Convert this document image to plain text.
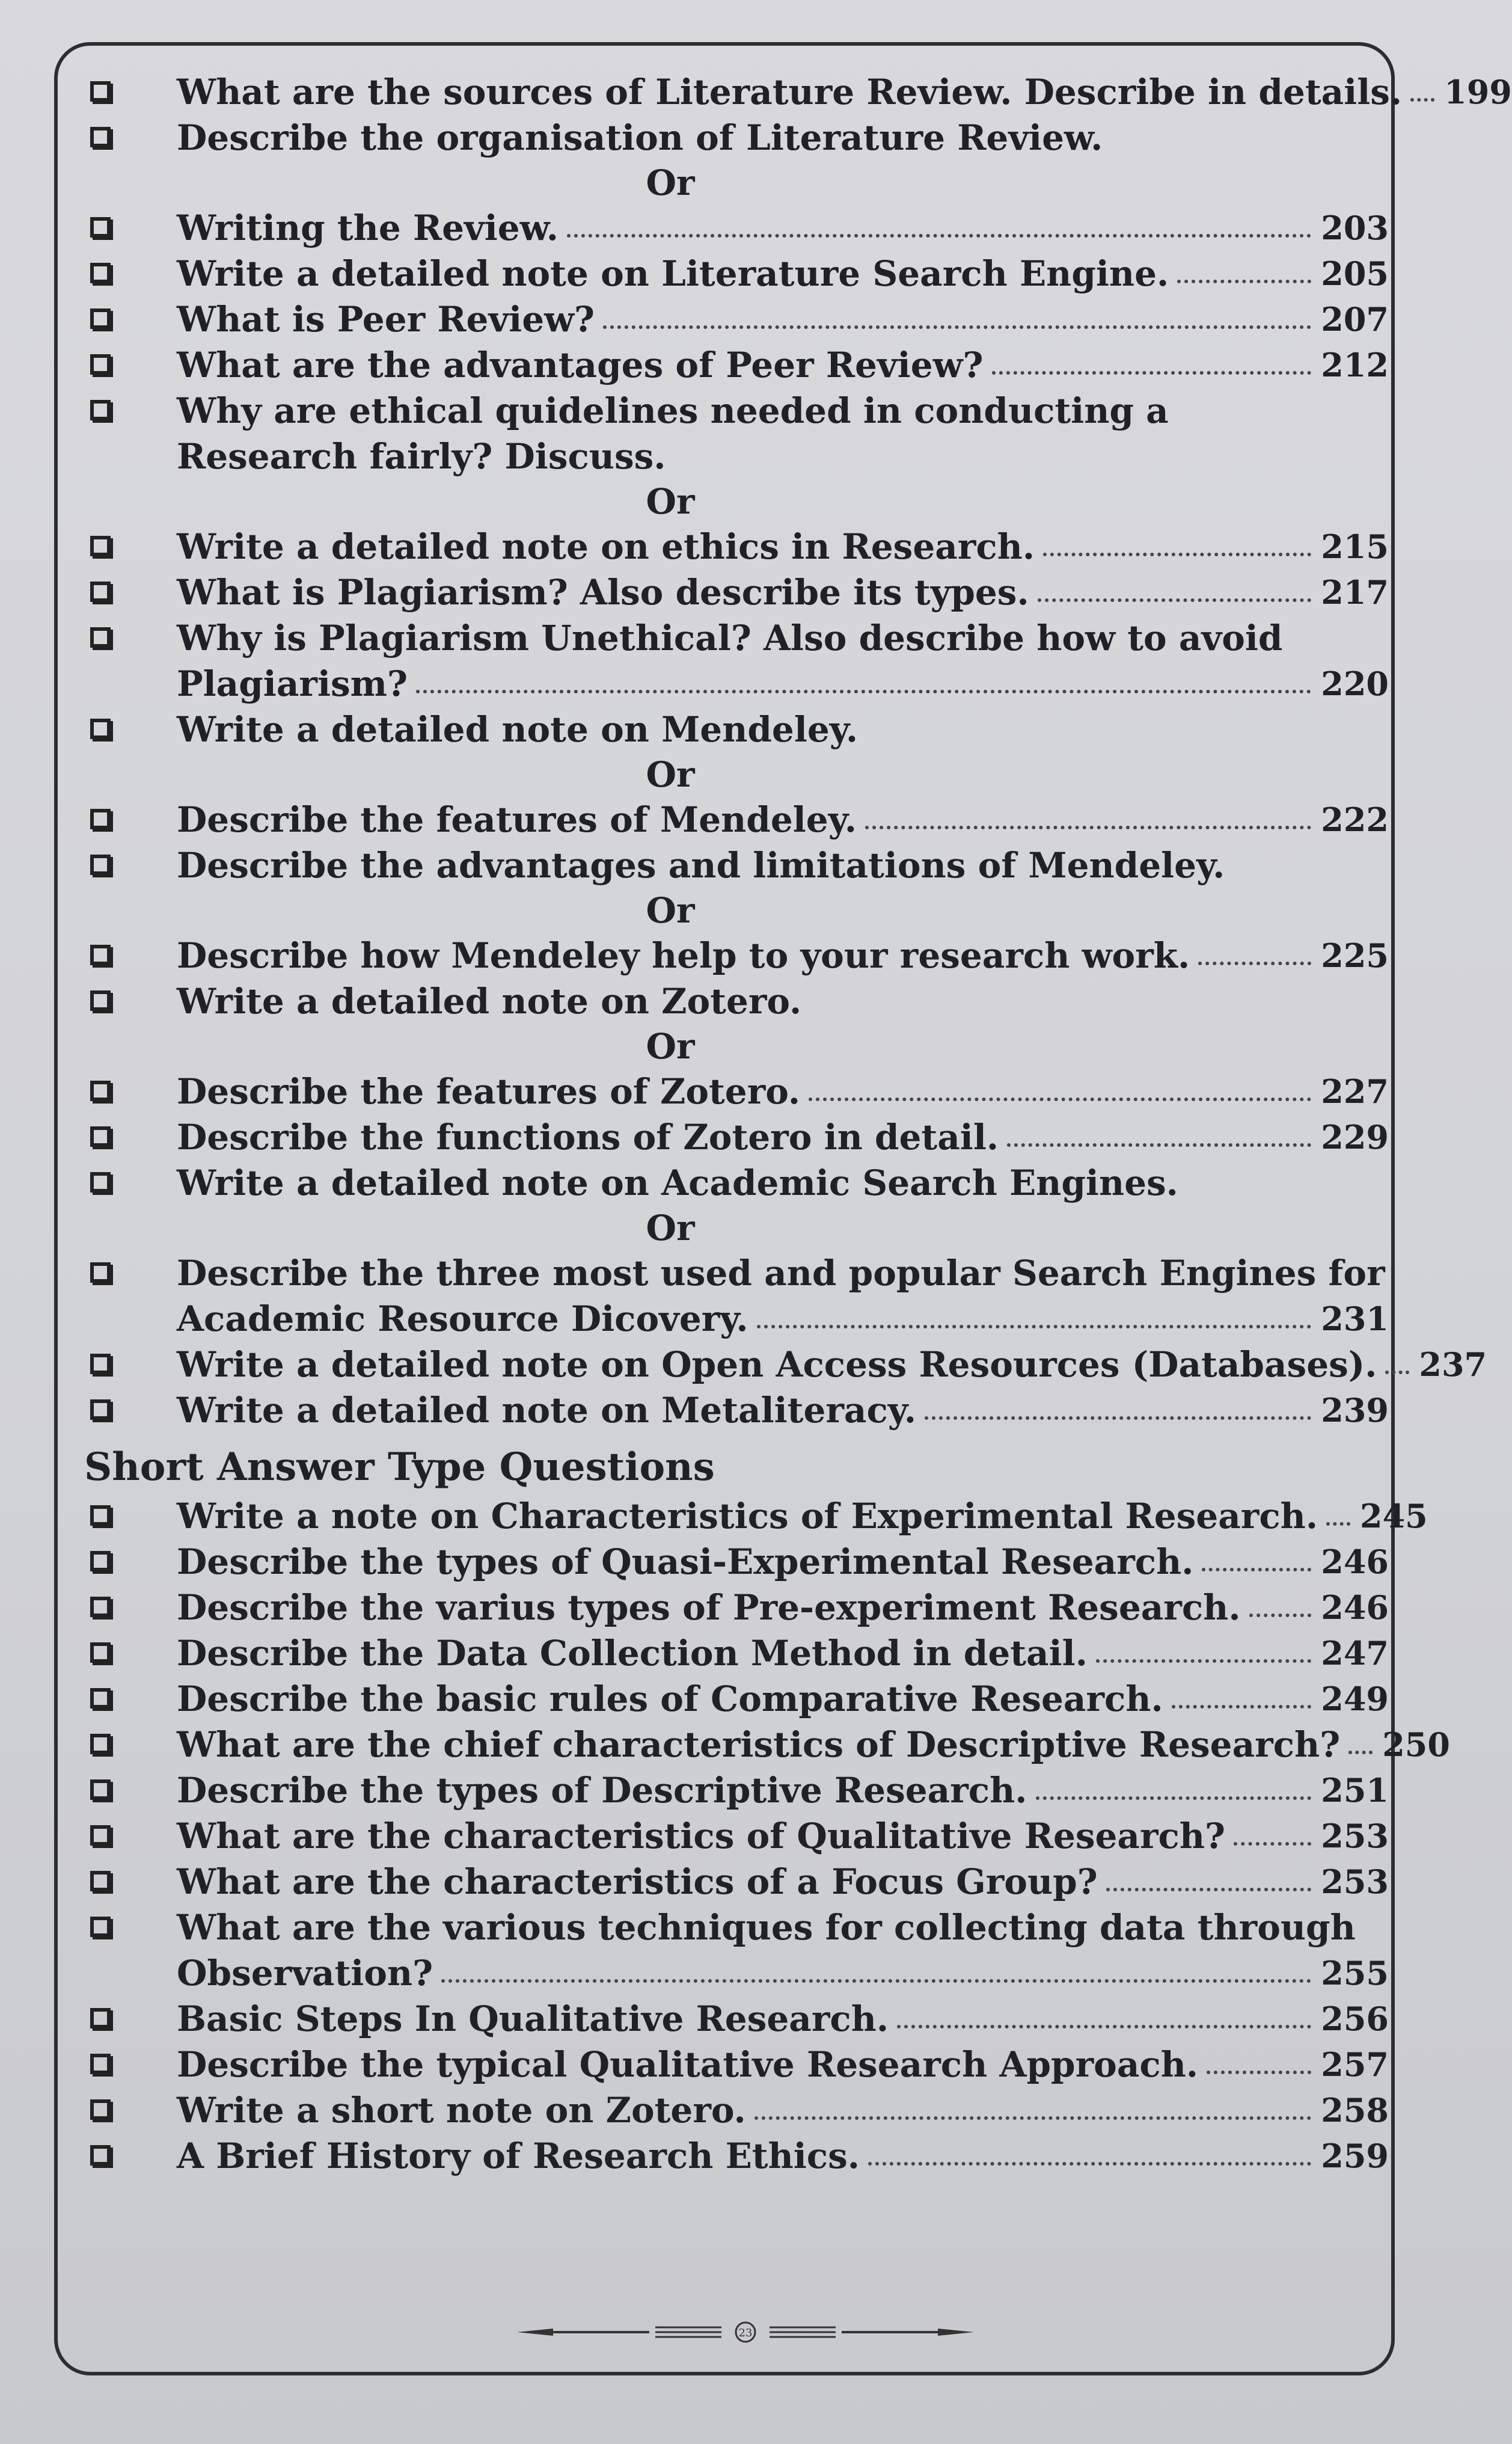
What are the sources of Literature Review. Describe in details. 199
Describe the organisation of Literature Review.
Or
Writing the Review.	203
Write a detailed note on Literature Search Engine.	205
What is Peer Review?	207
What are the advantages of Peer Review?	212
Why are ethical quidelines needed in conducting a
Research fairly? Discuss.
Or
Write a detailed note on ethics in Research.	215
What is Plagiarism? Also describe its types.	217
Why is Plagiarism Unethical? Also describe how to avoid
Plagiarism?	220
Write a detailed note on Mendeley.
Or
Describe the features of Mendeley.	222
Describe the advantages and limitations of Mendeley.
Or
Describe how Mendeley help to your research work.	225
Write a detailed note on Zotero.
Or
Describe the features of Zotero.	227
Describe the functions of Zotero in detail.	229
Write a detailed note on Academic Search Engines.
Or
Describe the three most used and popular Search Engines for
Academic Resource Dicovery.	231
Write a detailed note on Open Access Resources (Databases). 237
Write a detailed note on Metaliteracy.	239
Short Answer Type Questions
Write a note on Characteristics of Experimental Research. 245
Describe the types of Quasi-Experimental Research.	246
Describe the varius types of Pre-experiment Research. 246
Describe the Data Collection Method in detail.	247
Describe the basic rules of Comparative Research.	249
What are the chief characteristics of Descriptive Research? 250
Describe the types of Descriptive Research.	251
What are the characteristics of Qualitative Research?	253
What are the characteristics of a Focus Group?	253
What are the various techniques for collecting data through
Observation?	255
Basic Steps In Qualitative Research.	256
Describe the typical Qualitative Research Approach.	257
Write a short note on Zotero.	258
A Brief History of Research Ethics.	259
23
